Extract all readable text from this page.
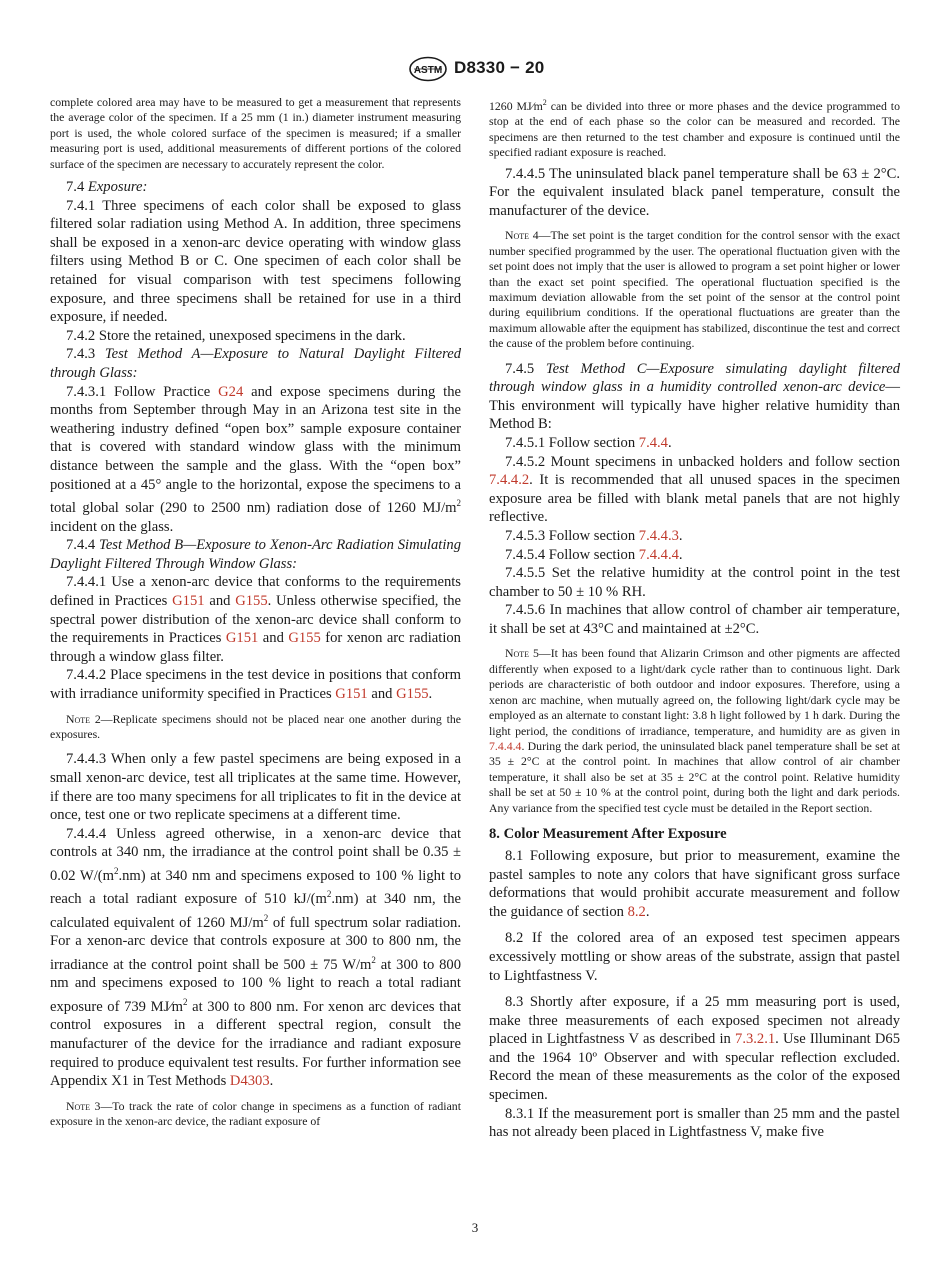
ASTM D8330 − 20

complete colored area may have to be measured to get a measurement that represents the average color of the specimen. If a 25 mm (1 in.) diameter instrument measuring port is used, the whole colored surface of the specimen is measured; if a smaller measuring port is used, additional measurements of different portions of the colored surface of the specimen are necessary to accurately represent the color.

7.4 Exposure:

7.4.1 Three specimens of each color shall be exposed to glass filtered solar radiation using Method A. In addition, three specimens shall be exposed in a xenon-arc device operating with window glass filters using Method B or C. One specimen of each color shall be retained for visual comparison with test specimens following exposure, and three specimens shall be retained for use in a third exposure, if needed.

7.4.2 Store the retained, unexposed specimens in the dark.

7.4.3 Test Method A—Exposure to Natural Daylight Filtered through Glass:

7.4.3.1 Follow Practice G24 and expose specimens during the months from September through May in an Arizona test site in the weathering industry defined “open box” sample exposure container that is covered with standard window glass with the minimum distance between the sample and the glass. With the “open box” positioned at a 45° angle to the horizontal, expose the specimens to a total global solar (290 to 2500 nm) radiation dose of 1260 $MJ/m^2$ incident on the glass.

7.4.4 Test Method B—Exposure to Xenon-Arc Radiation Simulating Daylight Filtered Through Window Glass:

7.4.4.1 Use a xenon-arc device that conforms to the requirements defined in Practices G151 and G155. Unless otherwise specified, the spectral power distribution of the xenon-arc device shall conform to the requirements in Practices G151 and G155 for xenon arc radiation through a window glass filter.

7.4.4.2 Place specimens in the test device in positions that conform with irradiance uniformity specified in Practices G151 and G155.

Note 2—Replicate specimens should not be placed near one another during the exposures.

7.4.4.3 When only a few pastel specimens are being exposed in a small xenon-arc device, test all triplicates at the same time. However, if there are too many specimens for all triplicates to fit in the device at once, test one or two replicate specimens at a different time.

7.4.4.4 Unless agreed otherwise, in a xenon-arc device that controls at 340 nm, the irradiance at the control point shall be 0.35 ± 0.02 $W/(m^2.nm)$ at 340 nm and specimens exposed to 100 % light to reach a total radiant exposure of 510 $kJ/(m^2.nm)$ at 340 nm, the calculated equivalent of 1260 $MJ/m^2$ of full spectrum solar radiation. For a xenon-arc device that controls exposure at 300 to 800 nm, the irradiance at the control point shall be 500 ± 75 $W/m^2$ at 300 to 800 nm and specimens exposed to 100 % light to reach a total radiant exposure of 739 $MJ⁄m^2$ at 300 to 800 nm. For xenon arc devices that control exposures in a different spectral region, consult the manufacturer of the device for the irradiance and radiant exposure required to produce equivalent test results. For further information see Appendix X1 in Test Methods D4303.

Note 3—To track the rate of color change in specimens as a function of radiant exposure in the xenon-arc device, the radiant exposure of

1260 $MJ⁄m^2$ can be divided into three or more phases and the device programmed to stop at the end of each phase so the color can be measured and recorded. The specimens are then returned to the test chamber and exposure is continued until the specified radiant exposure is reached.

7.4.4.5 The uninsulated black panel temperature shall be 63 ± 2°C. For the equivalent insulated black panel temperature, consult the manufacturer of the device.

Note 4—The set point is the target condition for the control sensor with the exact number specified programmed by the user. The operational fluctuation given with the set point does not imply that the user is allowed to program a set point higher or lower than the exact set point specified. The operational fluctuation specified is the maximum deviation allowable from the set point of the sensor at the control point during equilibrium conditions. If the operational fluctuations are greater than the maximum allowable after the equipment has stabilized, discontinue the test and correct the cause of the problem before continuing.

7.4.5 Test Method C—Exposure simulating daylight filtered through window glass in a humidity controlled xenon-arc device—This environment will typically have higher relative humidity than Method B:

7.4.5.1 Follow section 7.4.4.

7.4.5.2 Mount specimens in unbacked holders and follow section 7.4.4.2. It is recommended that all unused spaces in the specimen exposure area be filled with blank metal panels that are not highly reflective.

7.4.5.3 Follow section 7.4.4.3.

7.4.5.4 Follow section 7.4.4.4.

7.4.5.5 Set the relative humidity at the control point in the test chamber to 50 ± 10 % RH.

7.4.5.6 In machines that allow control of chamber air temperature, it shall be set at 43°C and maintained at ±2°C.

Note 5—It has been found that Alizarin Crimson and other pigments are affected differently when exposed to a light/dark cycle rather than to continuous light. Dark periods are characteristic of both outdoor and indoor exposures. Therefore, using a xenon arc machine, when mutually agreed on, the following light/dark cycle may be employed as an alternate to constant light: 3.8 h light followed by 1 h dark. During the light period, the conditions of irradiance, temperature, and humidity are as given in 7.4.4.4. During the dark period, the uninsulated black panel temperature shall be set at 35 ± 2°C at the control point. In machines that allow control of air chamber temperature, it shall also be set at 35 ± 2°C at the control point. Relative humidity shall be set at 50 ± 10 % at the control point, during both the light and dark periods. Any variance from the specified test cycle must be detailed in the Report section.

8. Color Measurement After Exposure

8.1 Following exposure, but prior to measurement, examine the pastel samples to note any colors that have significant gross surface deformations that would prohibit accurate measurement and follow the guidance of section 8.2.

8.2 If the colored area of an exposed test specimen appears excessively mottling or show areas of the substrate, assign that pastel to Lightfastness V.

8.3 Shortly after exposure, if a 25 mm measuring port is used, make three measurements of each exposed specimen not already placed in Lightfastness V as described in 7.3.2.1. Use Illuminant D65 and the 1964 10º Observer and with specular reflection excluded. Record the mean of these measurements as the color of the exposed specimen.

8.3.1 If the measurement port is smaller than 25 mm and the pastel has not already been placed in Lightfastness V, make five

3
